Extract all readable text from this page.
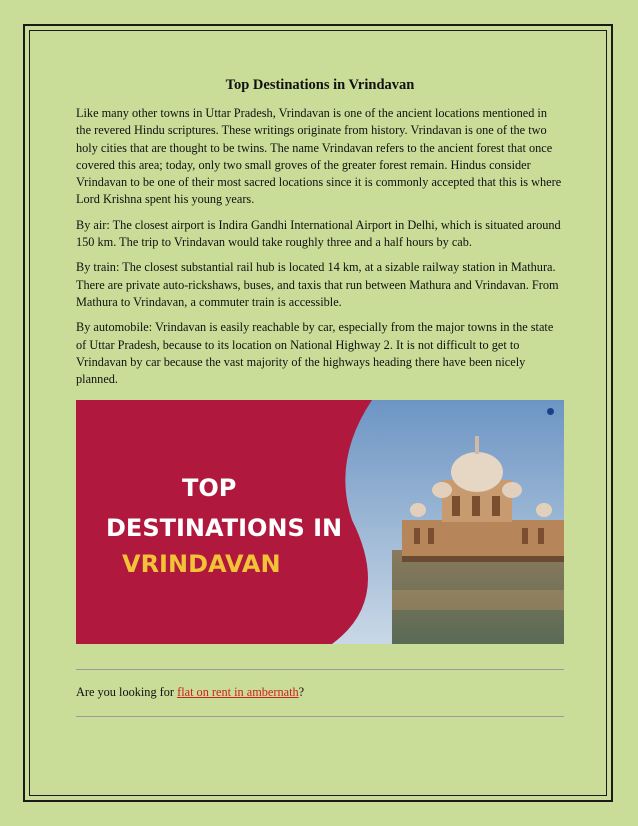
Top Destinations in Vrindavan

Like many other towns in Uttar Pradesh, Vrindavan is one of the ancient locations mentioned in the revered Hindu scriptures. These writings originate from history. Vrindavan is one of the two holy cities that are thought to be twins. The name Vrindavan refers to the ancient forest that once covered this area; today, only two small groves of the greater forest remain. Hindus consider Vrindavan to be one of their most sacred locations since it is commonly accepted that this is where Lord Krishna spent his young years.

By air: The closest airport is Indira Gandhi International Airport in Delhi, which is situated around 150 km. The trip to Vrindavan would take roughly three and a half hours by cab.

By train: The closest substantial rail hub is located 14 km, at a sizable railway station in Mathura. There are private auto-rickshaws, buses, and taxis that run between Mathura and Vrindavan. From Mathura to Vrindavan, a commuter train is accessible.

By automobile: Vrindavan is easily reachable by car, especially from the major towns in the state of Uttar Pradesh, because to its location on National Highway 2. It is not difficult to get to Vrindavan by car because the vast majority of the highways heading there have been nicely planned.

TOP
DESTINATIONS IN
VRINDAVAN

Are you looking for flat on rent in ambernath?
